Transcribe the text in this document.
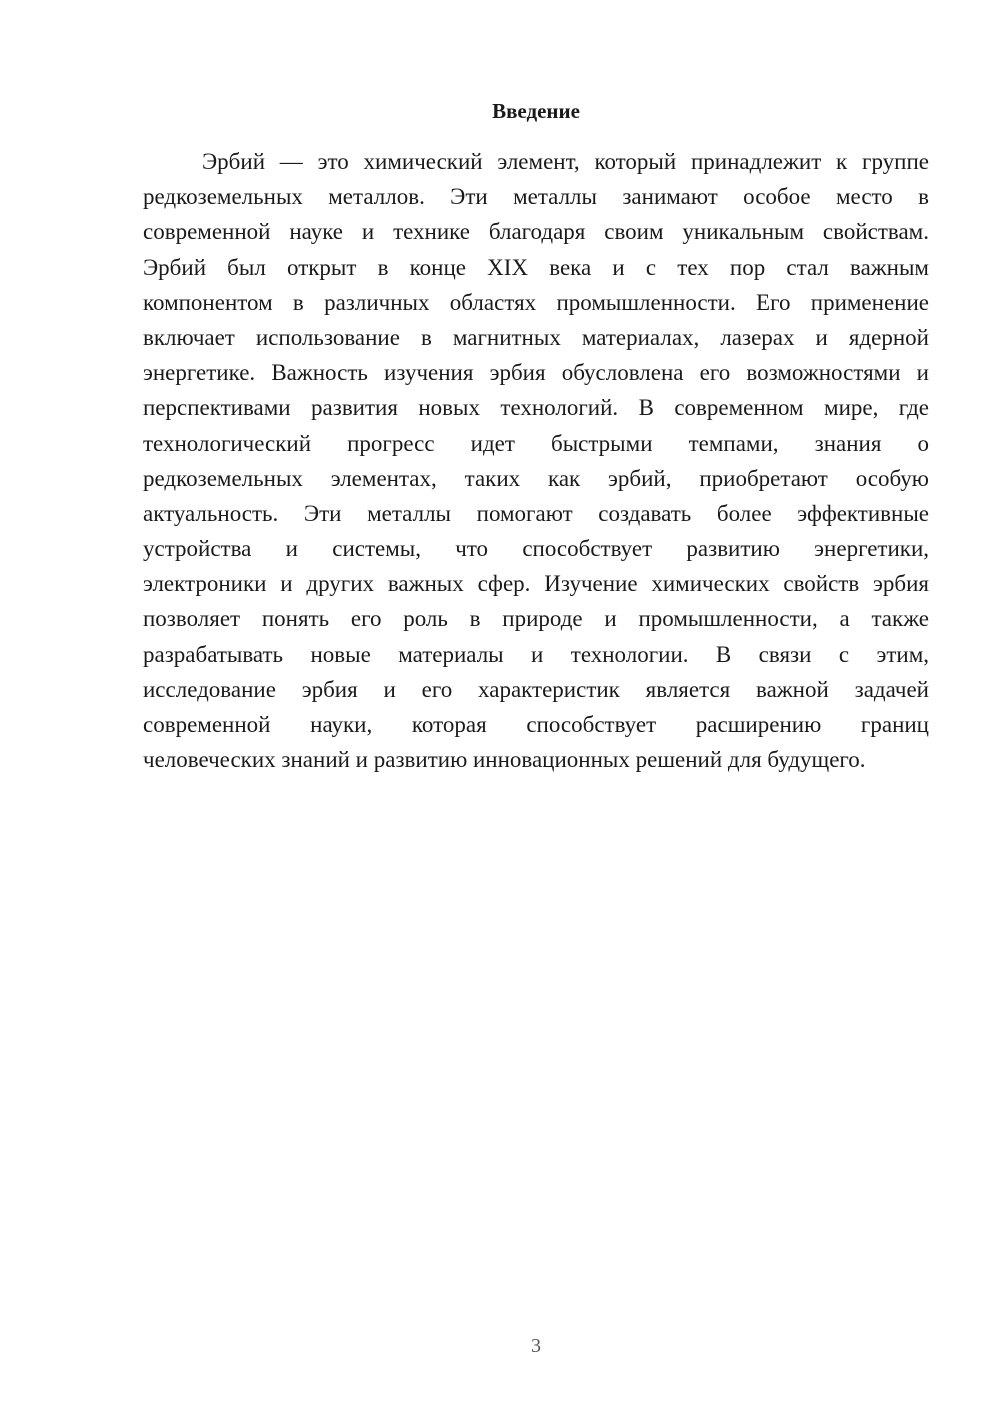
Введение
Эрбий — это химический элемент, который принадлежит к группе
редкоземельных металлов. Эти металлы занимают особое место в
современной науке и технике благодаря своим уникальным свойствам.
Эрбий был открыт в конце XIX века и с тех пор стал важным
компонентом в различных областях промышленности. Его применение
включает использование в магнитных материалах, лазерах и ядерной
энергетике. Важность изучения эрбия обусловлена его возможностями и
перспективами развития новых технологий. В современном мире, где
технологический прогресс идет быстрыми темпами, знания о
редкоземельных элементах, таких как эрбий, приобретают особую
актуальность. Эти металлы помогают создавать более эффективные
устройства и системы, что способствует развитию энергетики,
электроники и других важных сфер. Изучение химических свойств эрбия
позволяет понять его роль в природе и промышленности, а также
разрабатывать новые материалы и технологии. В связи с этим,
исследование эрбия и его характеристик является важной задачей
современной науки, которая способствует расширению границ
человеческих знаний и развитию инновационных решений для будущего.
3
